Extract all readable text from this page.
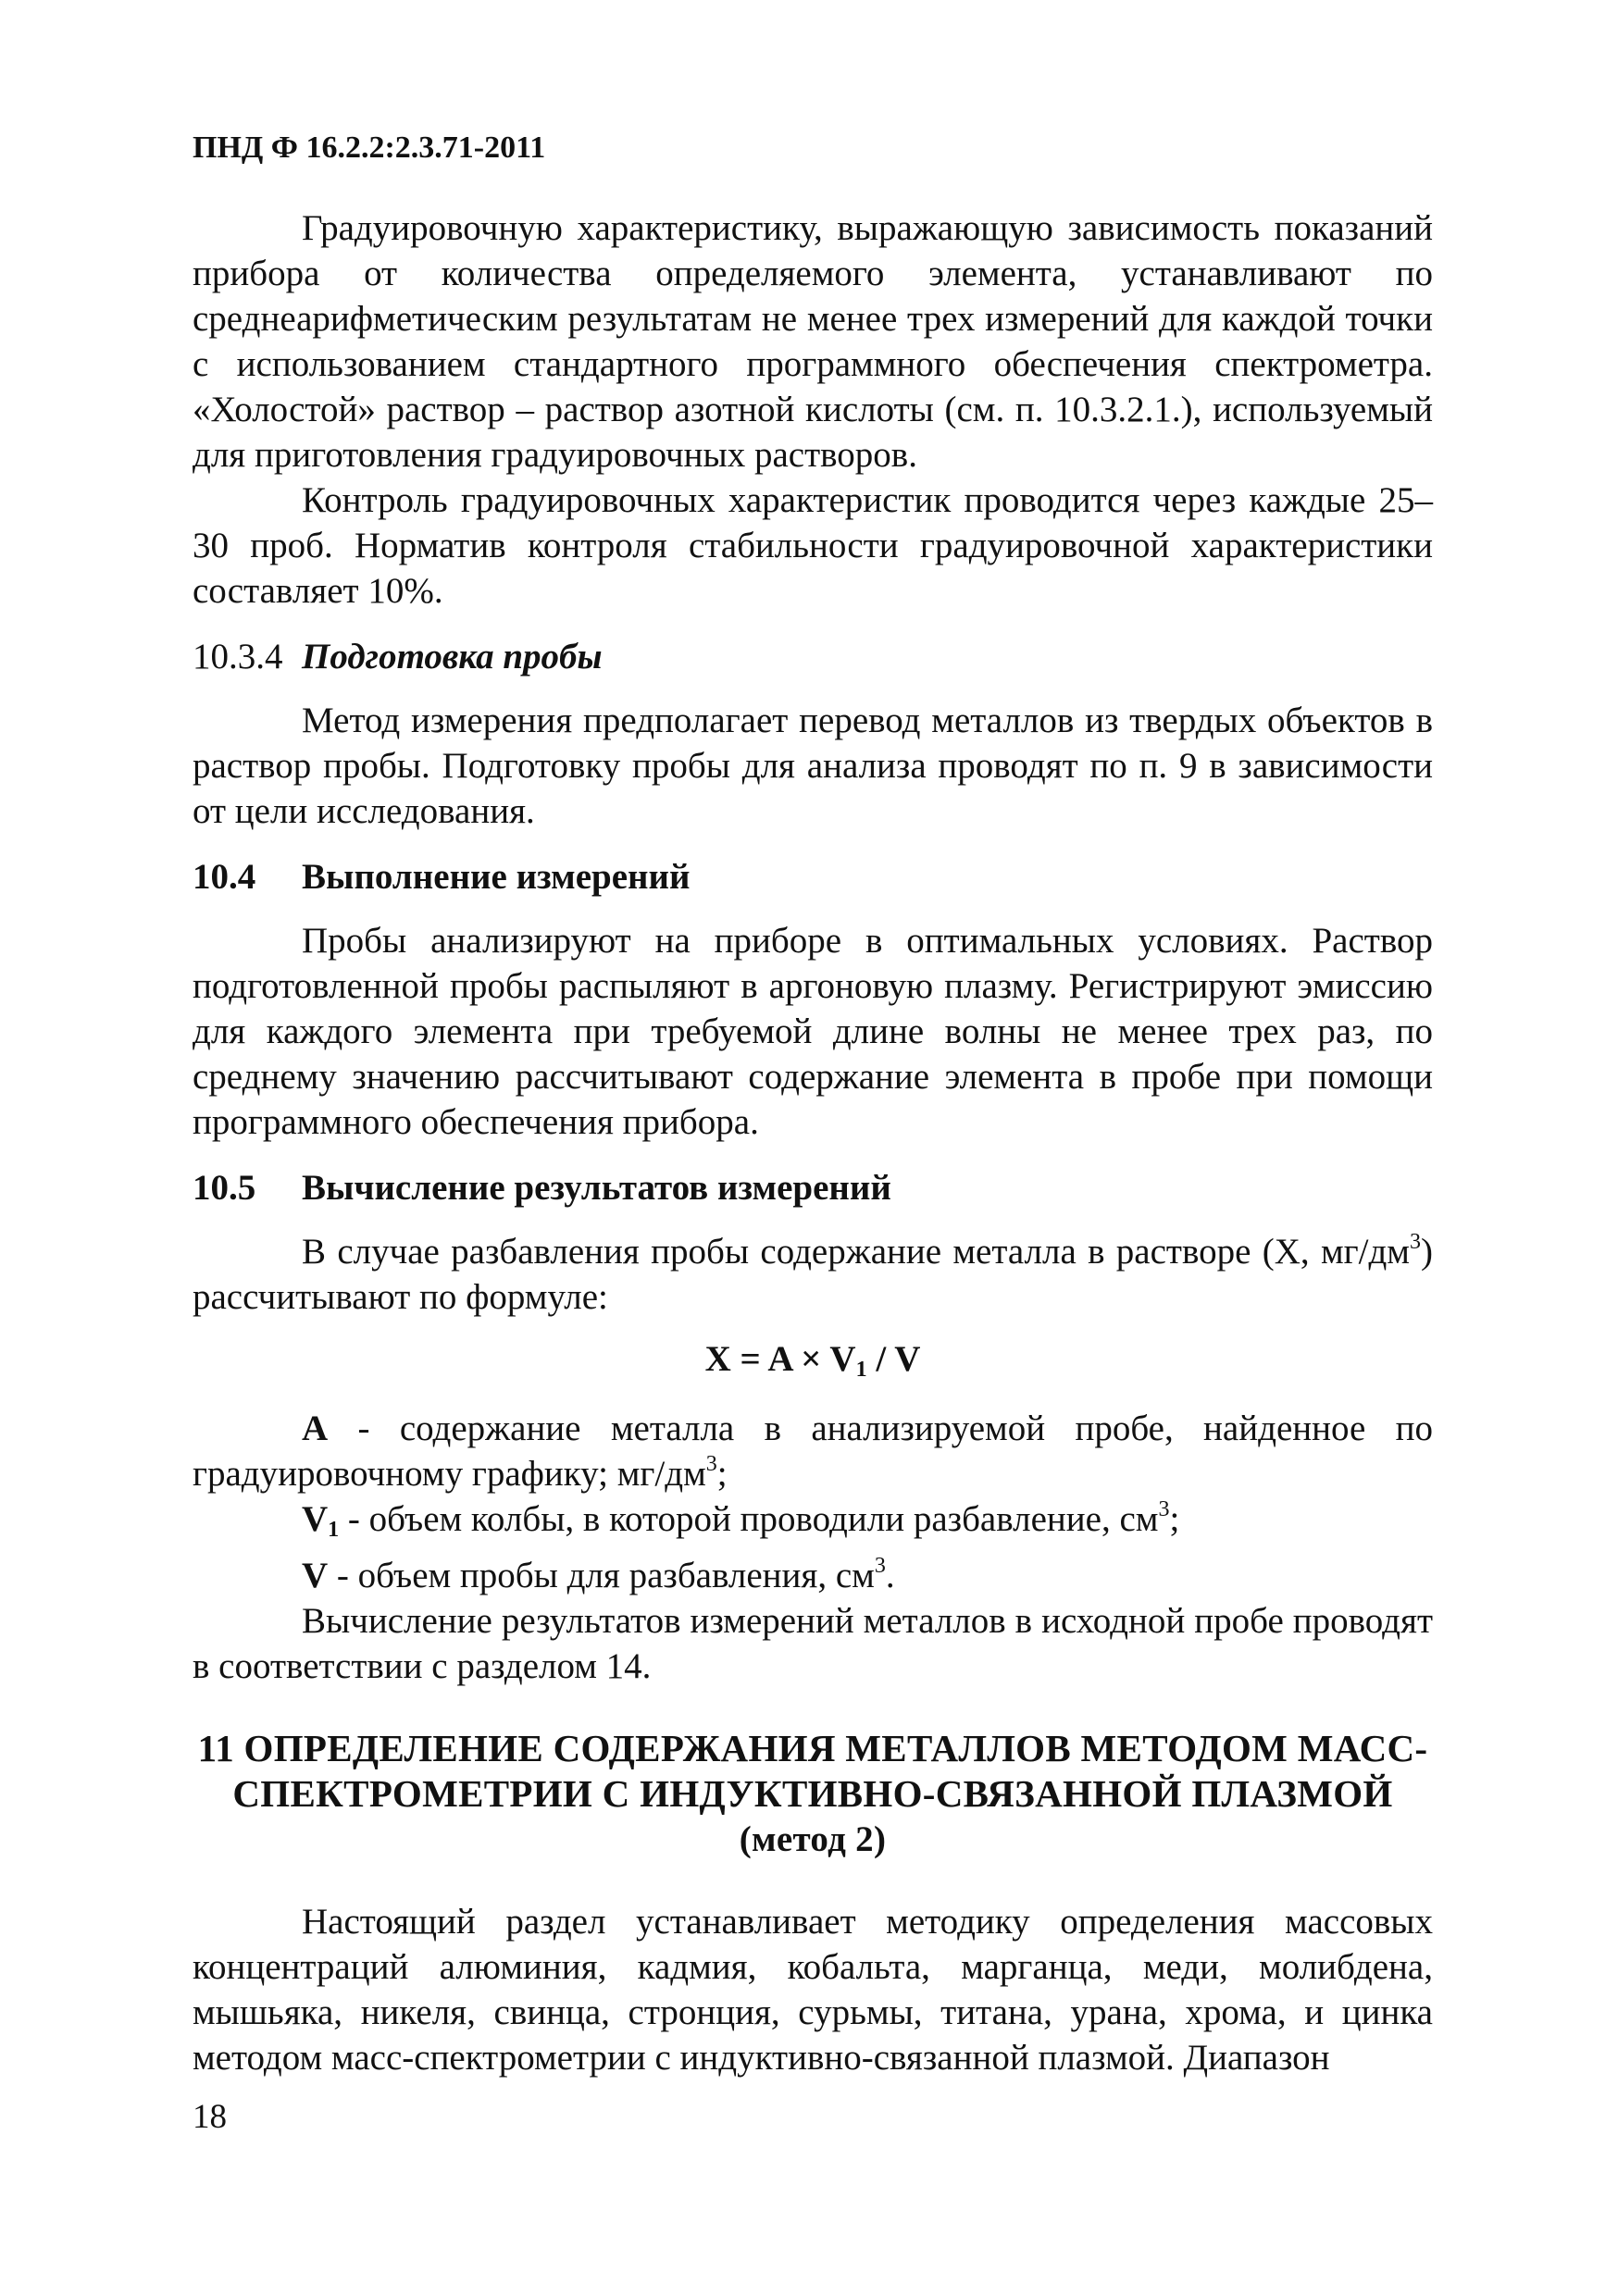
ПНД Ф 16.2.2:2.3.71-2011

Градуировочную характеристику, выражающую зависимость показаний прибора от количества определяемого элемента, устанавливают по среднеарифметическим результатам не менее трех измерений для каждой точки с использованием стандартного программного обеспечения спектрометра. «Холостой» раствор – раствор азотной кислоты (см. п. 10.3.2.1.), используемый для приготовления градуировочных растворов.

Контроль градуировочных характеристик проводится через каждые 25–30 проб. Норматив контроля стабильности градуировочной характеристики составляет 10%.

10.3.4 Подготовка пробы

Метод измерения предполагает перевод металлов из твердых объектов в раствор пробы. Подготовку пробы для анализа проводят по п. 9 в зависимости от цели исследования.

10.4 Выполнение измерений

Пробы анализируют на приборе в оптимальных условиях. Раствор подготовленной пробы распыляют в аргоновую плазму. Регистрируют эмиссию для каждого элемента при требуемой длине волны не менее трех раз, по среднему значению рассчитывают содержание элемента в пробе при помощи программного обеспечения прибора.

10.5 Вычисление результатов измерений

В случае разбавления пробы содержание металла в растворе (X, $мг/дм^3$) рассчитывают по формуле:

$X = A \times V_1 / V$

A - содержание металла в анализируемой пробе, найденное по градуировочному графику; $мг/дм^3$;

$V_1$ - объем колбы, в которой проводили разбавление, $см^3$;

V - объем пробы для разбавления, $см^3$.

Вычисление результатов измерений металлов в исходной пробе проводят в соответствии с разделом 14.

11 ОПРЕДЕЛЕНИЕ СОДЕРЖАНИЯ МЕТАЛЛОВ МЕТОДОМ МАСС-СПЕКТРОМЕТРИИ С ИНДУКТИВНО-СВЯЗАННОЙ ПЛАЗМОЙ
(метод 2)

Настоящий раздел устанавливает методику определения массовых концентраций алюминия, кадмия, кобальта, марганца, меди, молибдена, мышьяка, никеля, свинца, стронция, сурьмы, титана, урана, хрома, и цинка методом масс-спектрометрии с индуктивно-связанной плазмой. Диапазон

18
